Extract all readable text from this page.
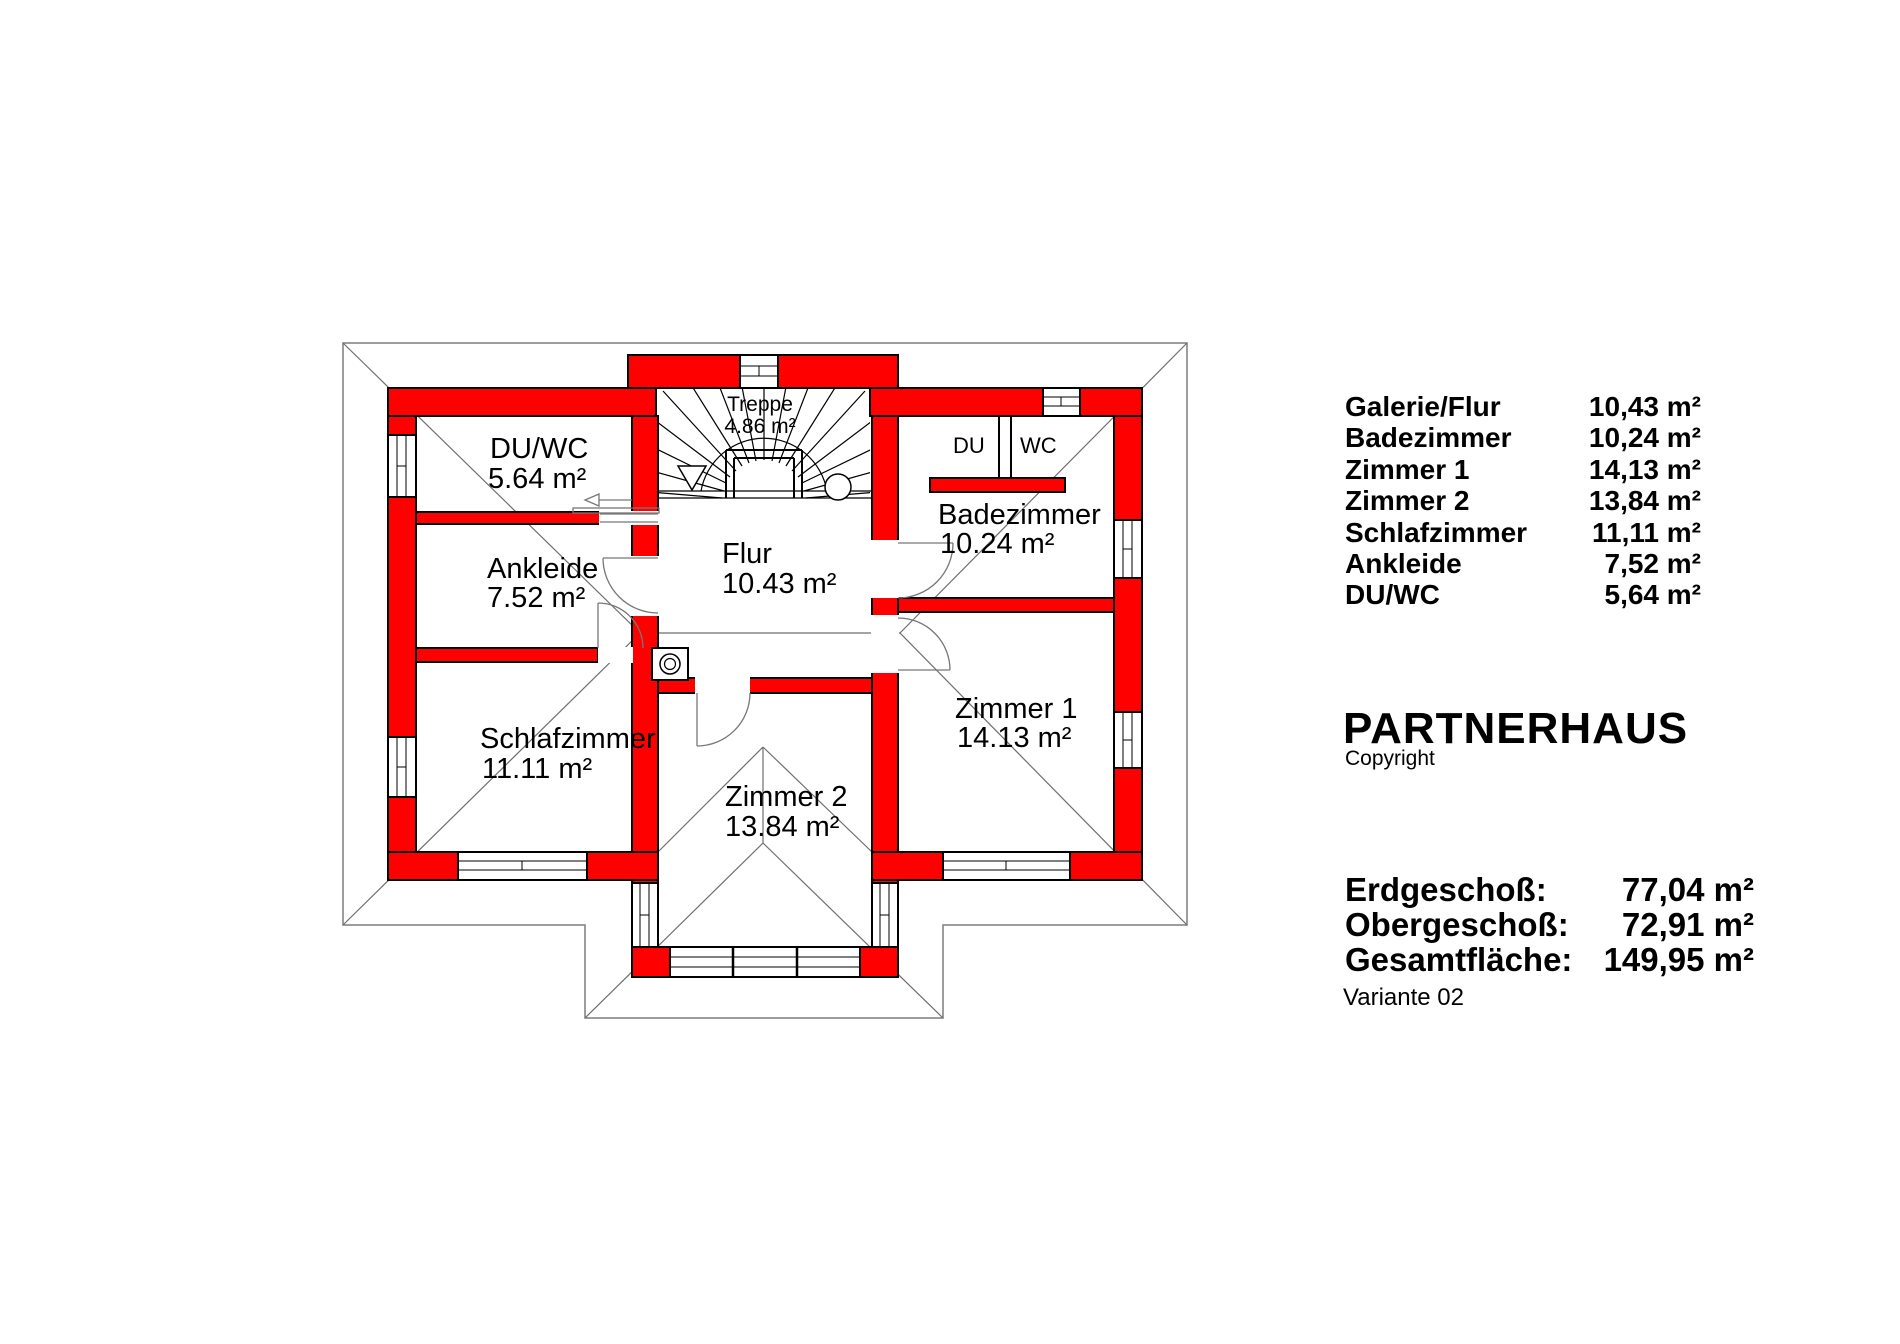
Treppe
4.86 m²
DU/WC
5.64 m²
Ankleide
7.52 m²
Schlafzimmer
11.11 m²
Flur
10.43 m²
Badezimmer
10.24 m²
Zimmer 1
14.13 m²
Zimmer 2
13.84 m²
DU WC
Galerie/Flur	10,43 m²
Badezimmer	10,24 m²
Zimmer 1	14,13 m²
Zimmer 2	13,84 m²
Schlafzimmer 11,11 m²
Ankleide	7,52 m²
DU/WC	5,64 m²
PARTNERHAUS
Copyright
Erdgeschoß: 77,04 m²
Obergeschoß: 72,91 m²
Gesamtfläche: 149,95 m²
Variante 02
